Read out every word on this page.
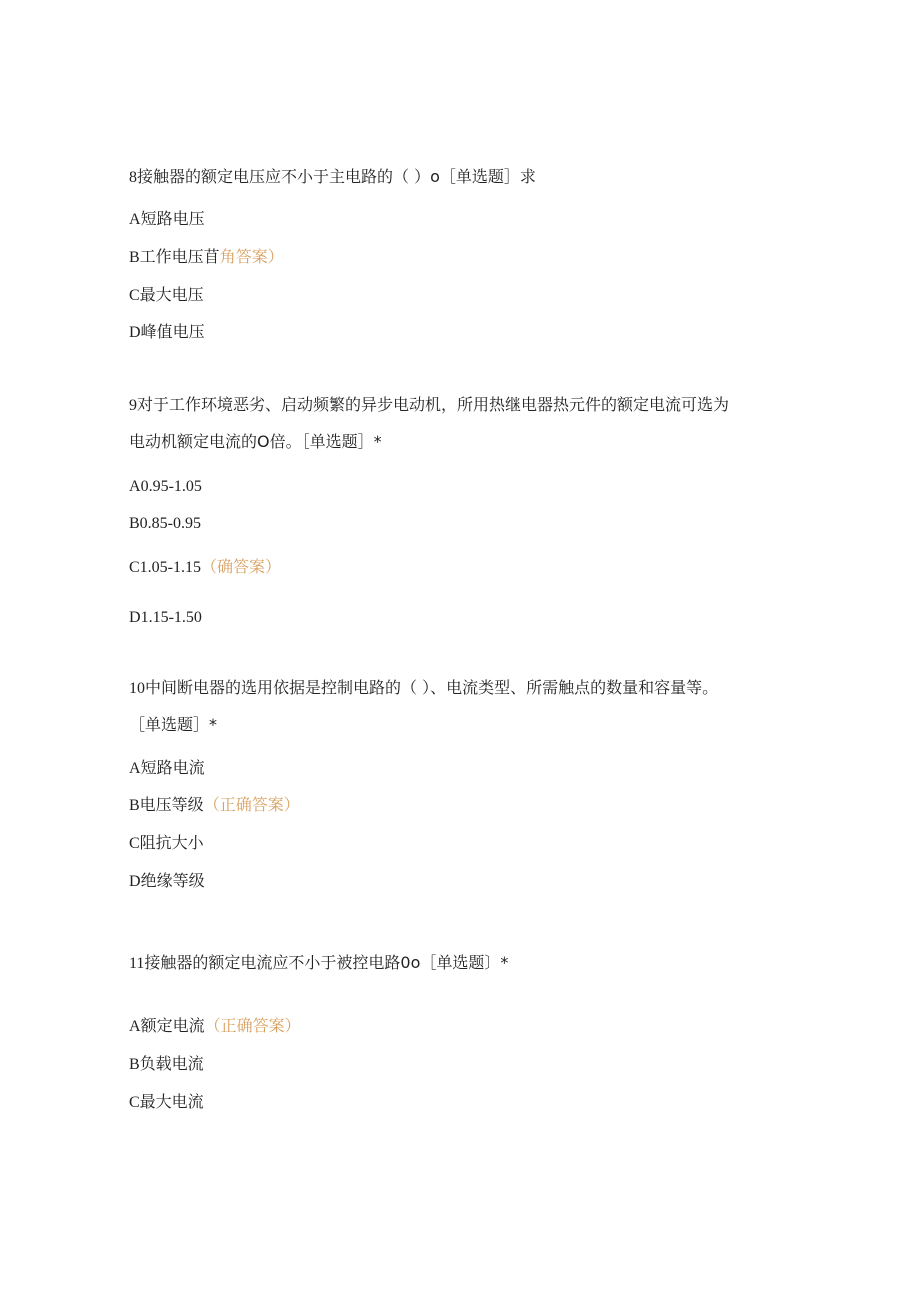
8接触器的额定电压应不小于主电路的（ ）o［单选题］求
A短路电压
B工作电压苜角答案）
C最大电压
D峰值电压
9对于工作环境恶劣、启动频繁的异步电动机，所用热继电器热元件的额定电流可选为
电动机额定电流的O倍。［单选题］*
A0.95-1.05
B0.85-0.95
C1.05-1.15（确答案）
D1.15-1.50
10中间断电器的选用依据是控制电路的（ ）、电流类型、所需触点的数量和容量等。
［单选题］*
A短路电流
B电压等级（正确答案）
C阻抗大小
D绝缘等级
11接触器的额定电流应不小于被控电路0o［单选题〕*
A额定电流（正确答案）
B负载电流
C最大电流
